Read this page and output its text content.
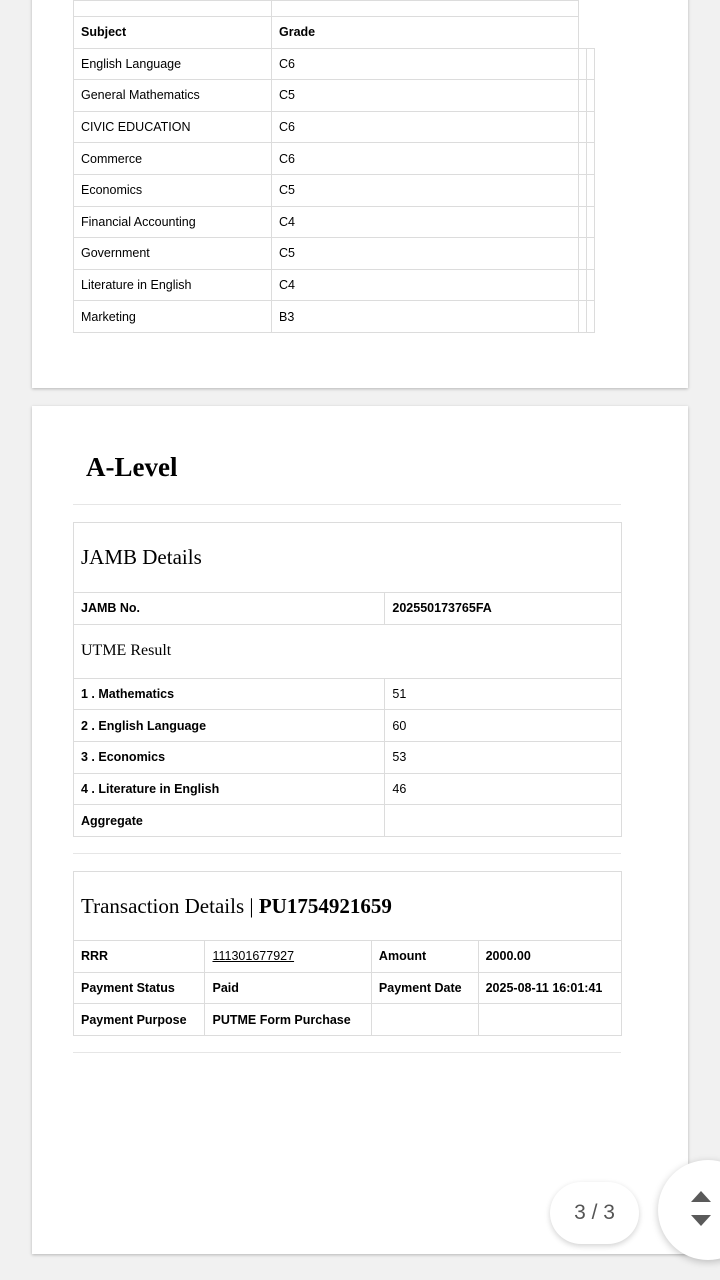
Subject	Grade		
English Language	C6		
General Mathematics	C5		
CIVIC EDUCATION	C6		
Commerce	C6		
Economics	C5		
Financial Accounting	C4		
Government	C5		
Literature in English	C4		
Marketing	B3		
A-Level
JAMB Details	
JAMB No.	202550173765FA
UTME Result	
1 . Mathematics	51
2 . English Language	60
3 . Economics	53
4 . Literature in English	46
Aggregate	
Transaction Details | PU1754921659			
RRR	111301677927	Amount	2000.00
Payment Status	Paid	Payment Date	2025-08-11 16:01:41
Payment Purpose	PUTME Form Purchase		
3 / 3
